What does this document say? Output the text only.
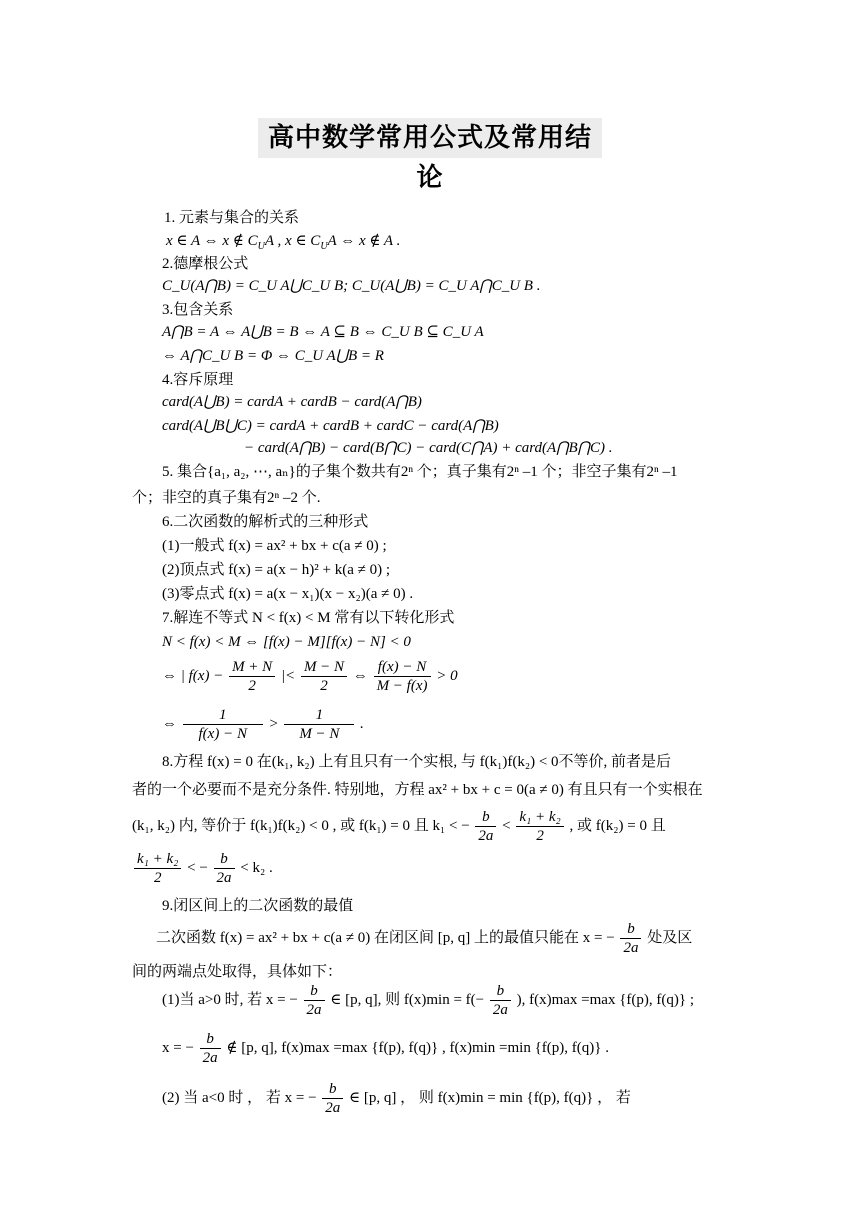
高中数学常用公式及常用结论
1. 元素与集合的关系
x ∈ A ⇔ x ∉ $C_UA$ , x ∈ $C_UA$ ⇔ x ∉ A .
2.德摩根公式
C_U(A⋂B) = C_U A⋃C_U B; C_U(A⋃B) = C_U A⋂C_U B .
3.包含关系
A⋂B = A ⇔ A⋃B = B ⇔ A ⊆ B ⇔ C_U B ⊆ C_U A
⇔ A⋂C_U B = Φ ⇔ C_U A⋃B = R
4.容斥原理
card(A⋃B) = cardA + cardB − card(A⋂B)
card(A⋃B⋃C) = cardA + cardB + cardC − card(A⋂B)
− card(A⋂B) − card(B⋂C) − card(C⋂A) + card(A⋂B⋂C) .
5. 集合{a₁, a₂, ⋯, aₙ}的子集个数共有2ⁿ 个；真子集有2ⁿ –1 个；非空子集有2ⁿ –1
个；非空的真子集有2ⁿ –2 个.
6.二次函数的解析式的三种形式
(1)一般式 f(x) = ax² + bx + c(a ≠ 0) ;
(2)顶点式 f(x) = a(x − h)² + k(a ≠ 0) ;
(3)零点式 f(x) = a(x − x₁)(x − x₂)(a ≠ 0) .
7.解连不等式 N < f(x) < M 常有以下转化形式
N < f(x) < M ⇔ [f(x) − M][f(x) − N] < 0
⇔ | $f(x) - \frac{M + N}{2}$ |< $\frac{M - N}{2}$ ⇔ $\frac{f(x) - N}{M - f(x)} > 0$
⇔ $\frac{1}{f(x) - N} > \frac{1}{M - N}$ .
8.方程 f(x) = 0 在(k₁, k₂) 上有且只有一个实根, 与 f(k₁)f(k₂) < 0不等价, 前者是后
者的一个必要而不是充分条件. 特别地，方程 ax² + bx + c = 0(a ≠ 0) 有且只有一个实根在
(k₁, k₂) 内, 等价于 f(k₁)f(k₂) < 0 , 或 f(k₁) = 0 且 k₁ < − $\frac{b}{2a} < \frac{\text{k₁ + k₂}}{2}$ , 或 f(k₂) = 0 且
$\frac{\text{k₁ + k₂}}{2}$ < − $\frac{b}{2a} < k_2$ .
9.闭区间上的二次函数的最值
二次函数 f(x) = ax² + bx + c(a ≠ 0) 在闭区间 [p, q] 上的最值只能在 x = − $\frac{b}{2a}$ 处及区
间的两端点处取得，具体如下：
(1)当 a>0 时, 若 x = − $\frac{b}{2a}$ ∈ [p, q], 则 $f(x)\min = f(- \frac{b}{2a}$ ), f(x)max =max {f(p), f(q)} ;
x = − $\frac{b}{2a}$ ∉ [p, q], f(x)max =max {f(p), f(q)} , f(x)min =min {f(p), f(q)} .
(2) 当 a<0 时 ， 若 x = − $\frac{b}{2a}$ ∈ [p, q] ， 则 f(x)min = min {f(p), f(q)} ， 若
